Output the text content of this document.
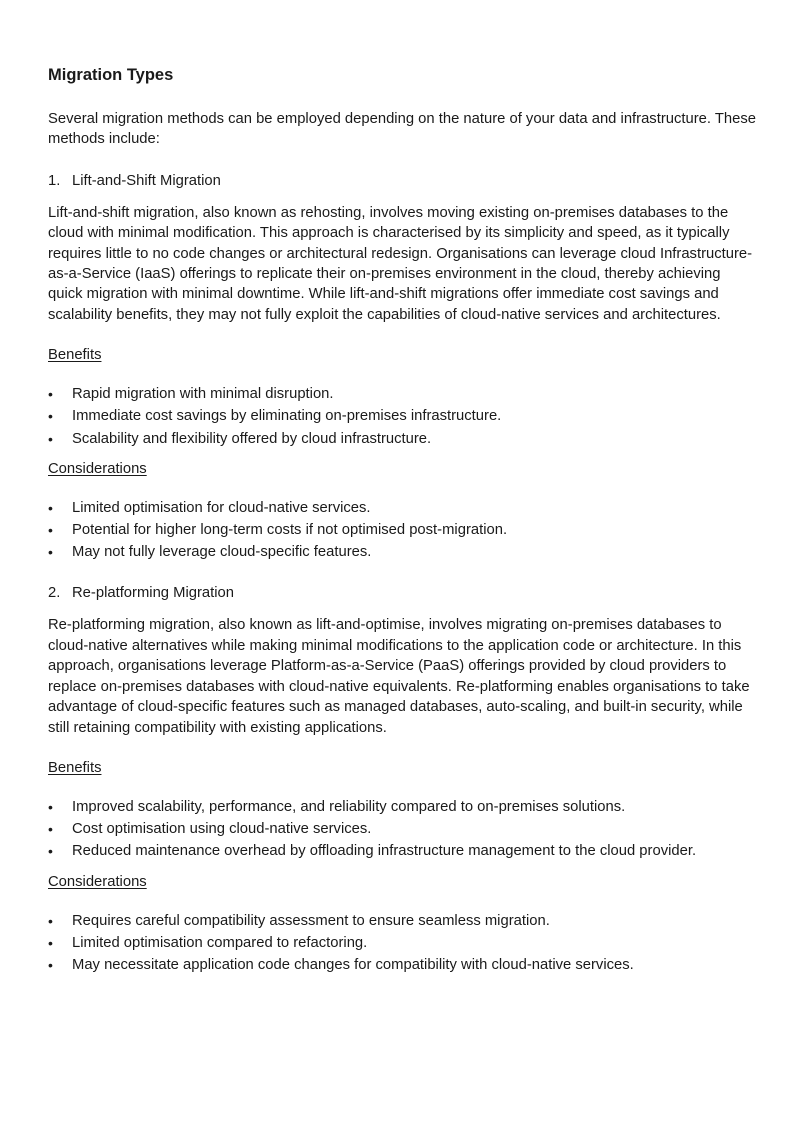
Migration Types

Several migration methods can be employed depending on the nature of your data and infrastructure. These methods include:

1. Lift-and-Shift Migration

Lift-and-shift migration, also known as rehosting, involves moving existing on-premises databases to the cloud with minimal modification. This approach is characterised by its simplicity and speed, as it typically requires little to no code changes or architectural redesign. Organisations can leverage cloud Infrastructure-as-a-Service (IaaS) offerings to replicate their on-premises environment in the cloud, thereby achieving quick migration with minimal downtime. While lift-and-shift migrations offer immediate cost savings and scalability benefits, they may not fully exploit the capabilities of cloud-native services and architectures.

Benefits

• Rapid migration with minimal disruption.
• Immediate cost savings by eliminating on-premises infrastructure.
• Scalability and flexibility offered by cloud infrastructure.

Considerations

• Limited optimisation for cloud-native services.
• Potential for higher long-term costs if not optimised post-migration.
• May not fully leverage cloud-specific features.
2. Re-platforming Migration

Re-platforming migration, also known as lift-and-optimise, involves migrating on-premises databases to cloud-native alternatives while making minimal modifications to the application code or architecture. In this approach, organisations leverage Platform-as-a-Service (PaaS) offerings provided by cloud providers to replace on-premises databases with cloud-native equivalents. Re-platforming enables organisations to take advantage of cloud-specific features such as managed databases, auto-scaling, and built-in security, while still retaining compatibility with existing applications.

Benefits

• Improved scalability, performance, and reliability compared to on-premises solutions.
• Cost optimisation using cloud-native services.
• Reduced maintenance overhead by offloading infrastructure management to the cloud provider.

Considerations

• Requires careful compatibility assessment to ensure seamless migration.
• Limited optimisation compared to refactoring.
• May necessitate application code changes for compatibility with cloud-native services.
